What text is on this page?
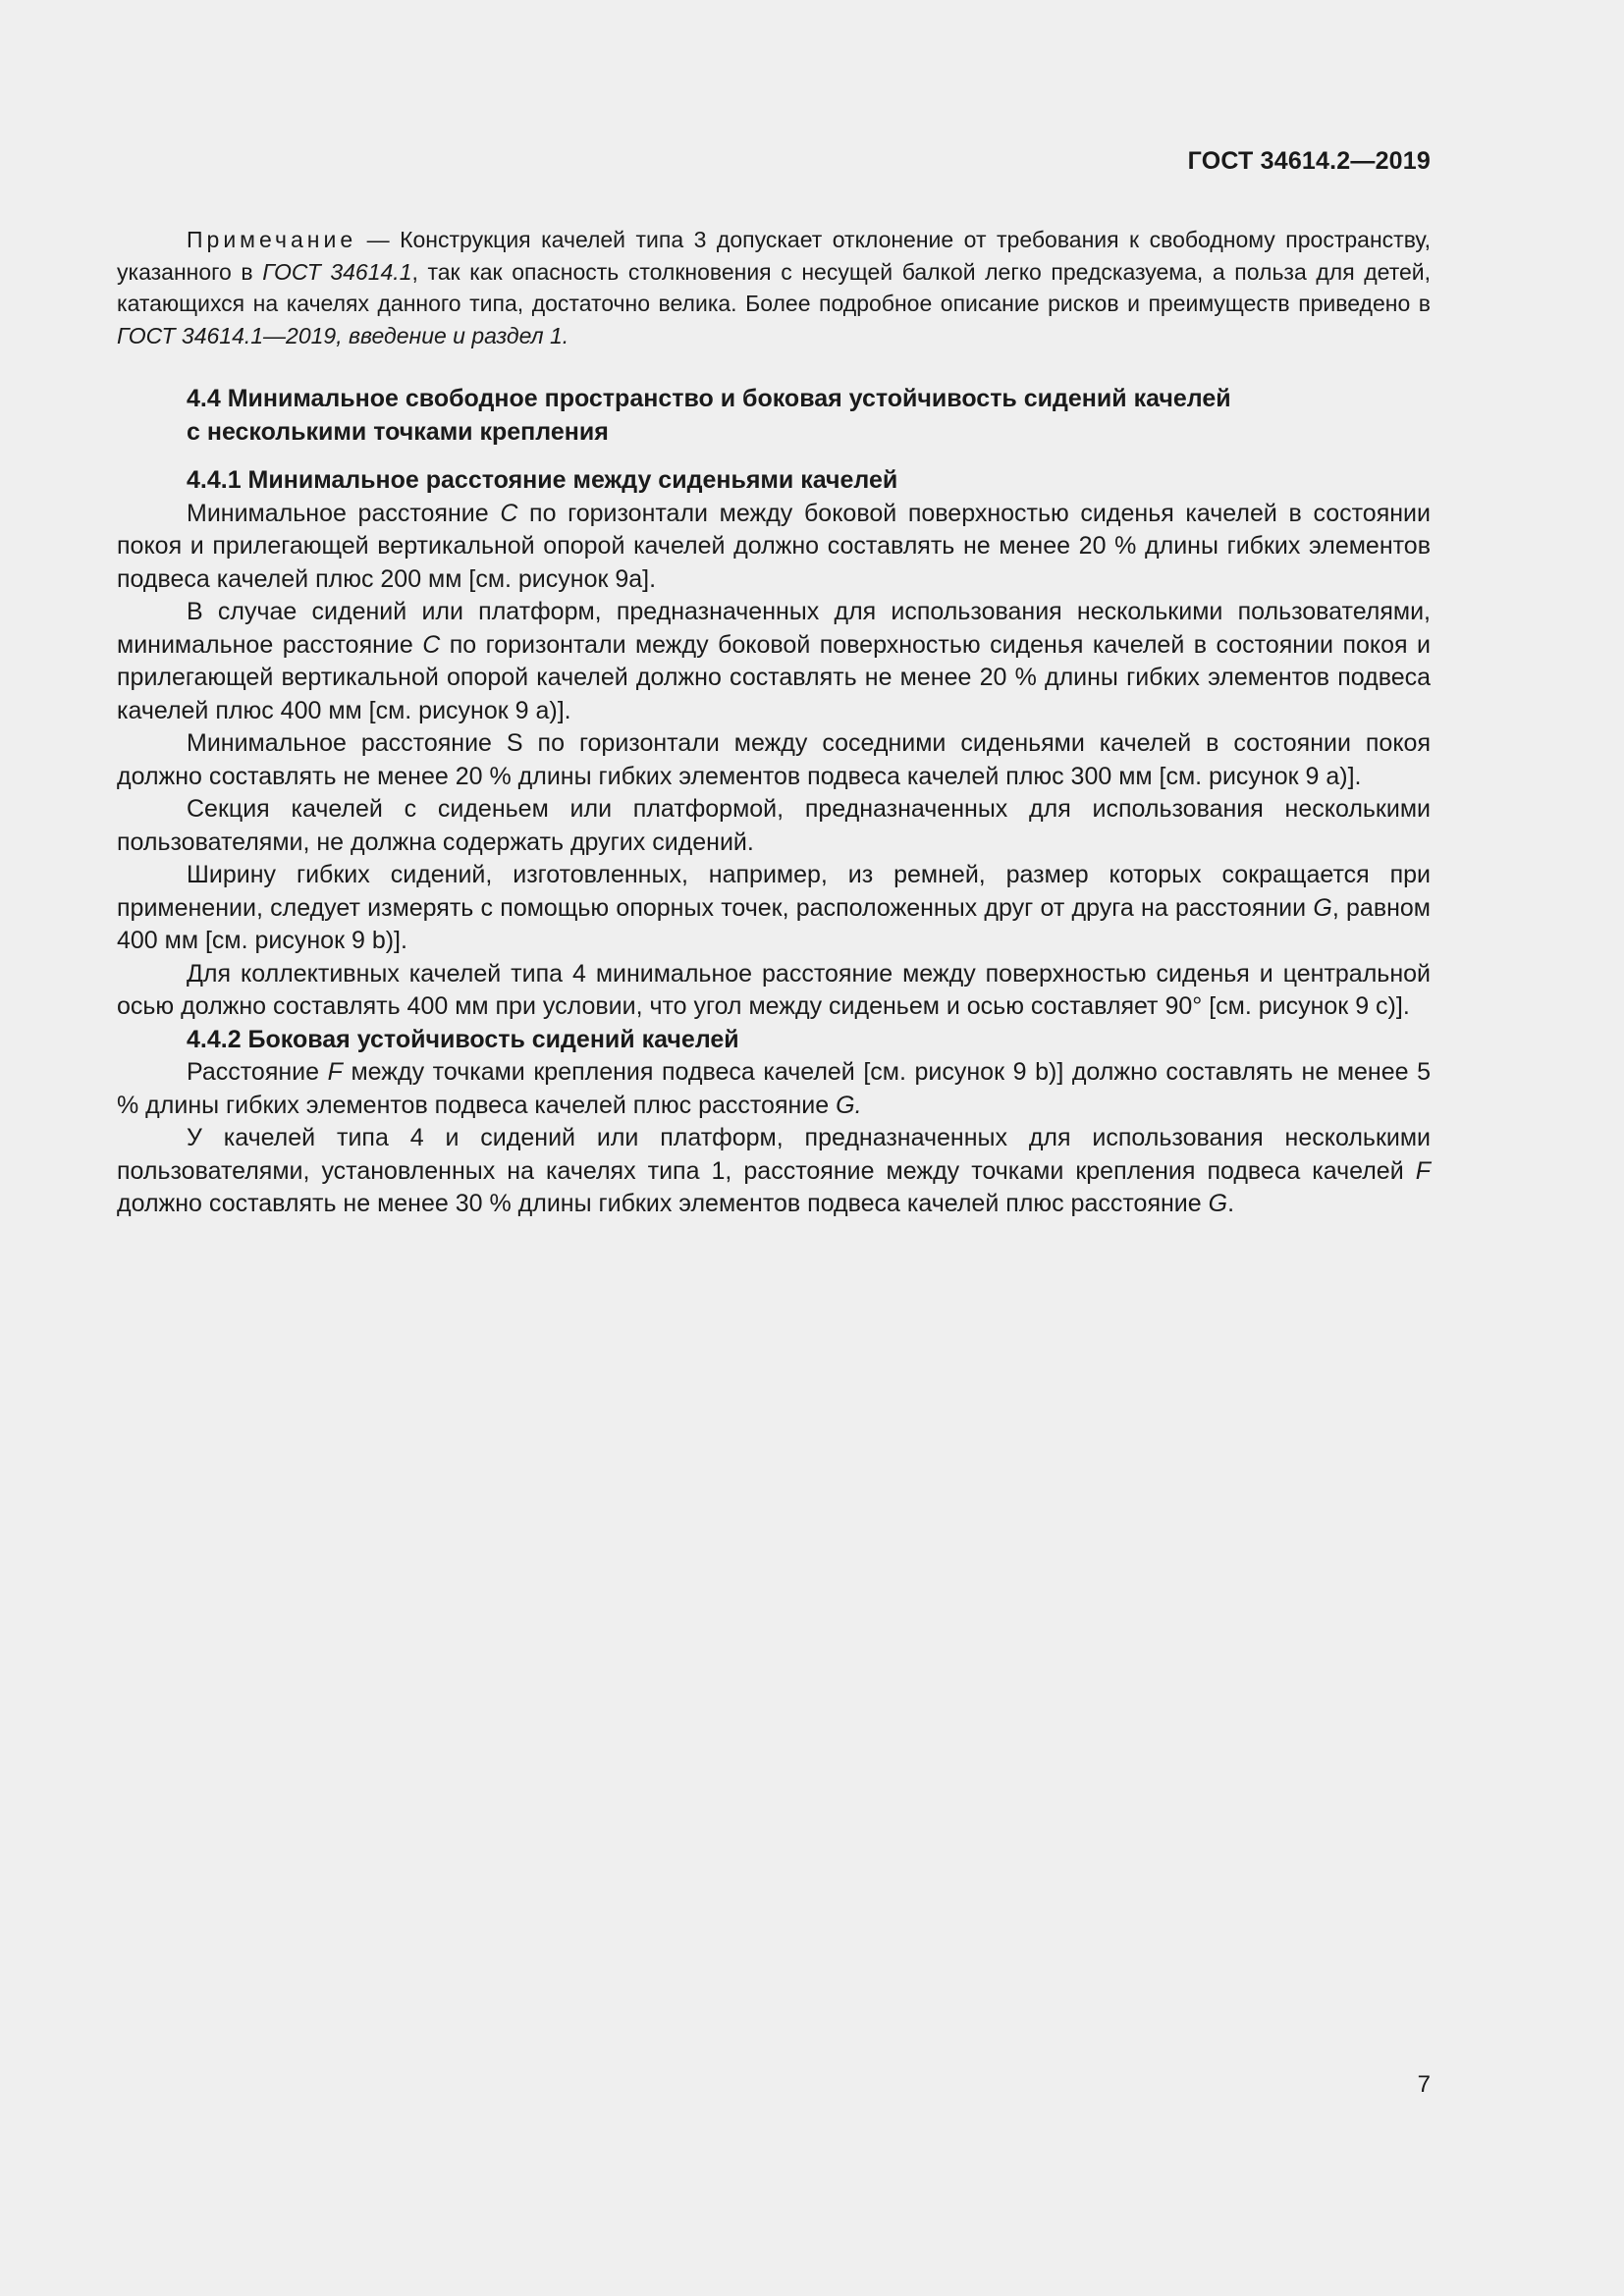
ГОСТ 34614.2—2019

Примечание — Конструкция качелей типа 3 допускает отклонение от требования к свободному пространству, указанного в ГОСТ 34614.1, так как опасность столкновения с несущей балкой легко предсказуема, а польза для детей, катающихся на качелях данного типа, достаточно велика. Более подробное описание рисков и преимуществ приведено в ГОСТ 34614.1—2019, введение и раздел 1.

4.4 Минимальное свободное пространство и боковая устойчивость сидений качелей
с несколькими точками крепления
4.4.1 Минимальное расстояние между сиденьями качелей

Минимальное расстояние C по горизонтали между боковой поверхностью сиденья качелей в состоянии покоя и прилегающей вертикальной опорой качелей должно составлять не менее 20 % длины гибких элементов подвеса качелей плюс 200 мм [см. рисунок 9а].

В случае сидений или платформ, предназначенных для использования несколькими пользователями, минимальное расстояние C по горизонтали между боковой поверхностью сиденья качелей в состоянии покоя и прилегающей вертикальной опорой качелей должно составлять не менее 20 % длины гибких элементов подвеса качелей плюс 400 мм [см. рисунок 9 а)].

Минимальное расстояние S по горизонтали между соседними сиденьями качелей в состоянии покоя должно составлять не менее 20 % длины гибких элементов подвеса качелей плюс 300 мм [см. рисунок 9 а)].

Секция качелей с сиденьем или платформой, предназначенных для использования несколькими пользователями, не должна содержать других сидений.

Ширину гибких сидений, изготовленных, например, из ремней, размер которых сокращается при применении, следует измерять с помощью опорных точек, расположенных друг от друга на расстоянии G, равном 400 мм [см. рисунок 9 b)].

Для коллективных качелей типа 4 минимальное расстояние между поверхностью сиденья и центральной осью должно составлять 400 мм при условии, что угол между сиденьем и осью составляет 90° [см. рисунок 9 с)].

4.4.2 Боковая устойчивость сидений качелей

Расстояние F между точками крепления подвеса качелей [см. рисунок 9 b)] должно составлять не менее 5 % длины гибких элементов подвеса качелей плюс расстояние G.

У качелей типа 4 и сидений или платформ, предназначенных для использования несколькими пользователями, установленных на качелях типа 1, расстояние между точками крепления подвеса качелей F должно составлять не менее 30 % длины гибких элементов подвеса качелей плюс расстояние G.

7
